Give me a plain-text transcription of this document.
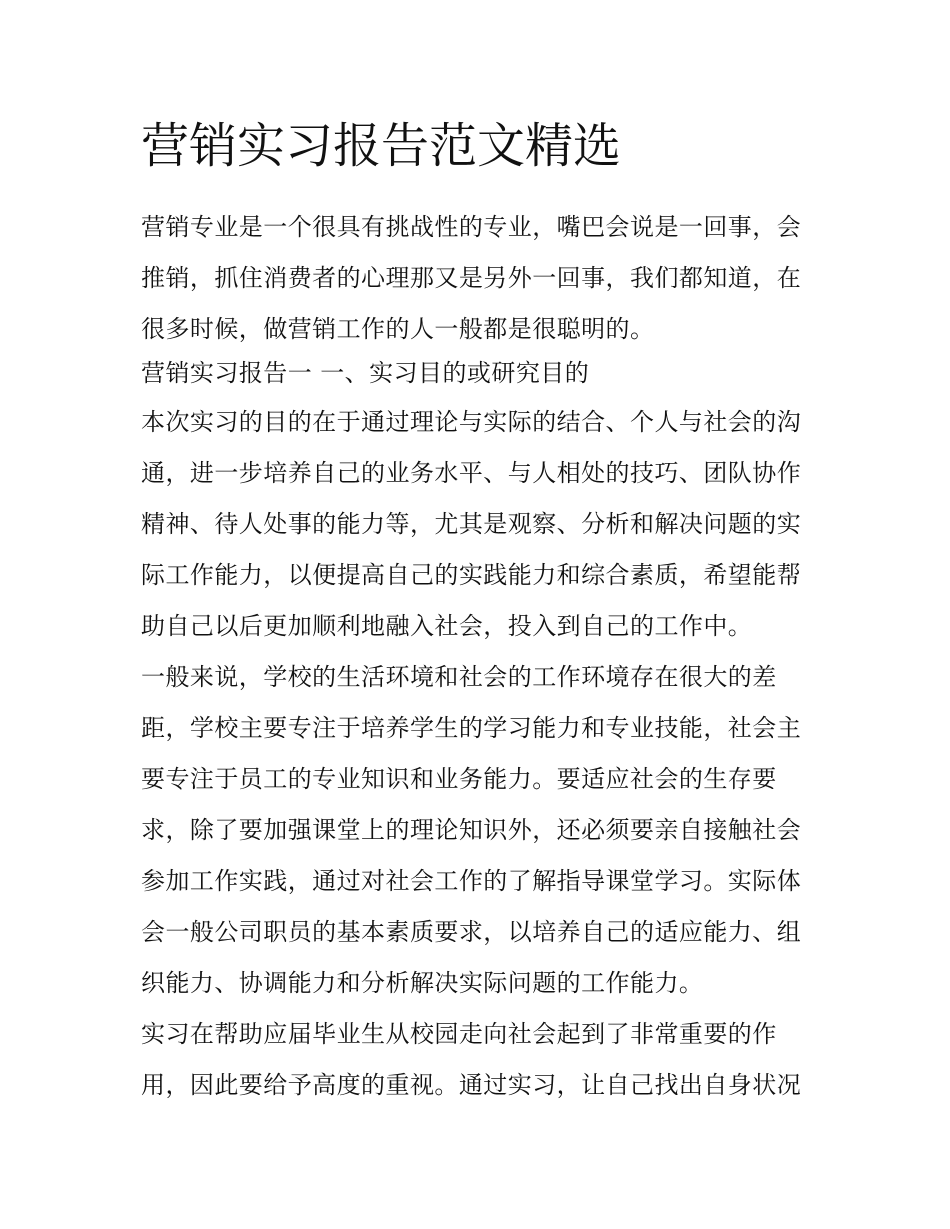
营销实习报告范文精选

营销专业是一个很具有挑战性的专业，嘴巴会说是一回事，会
推销，抓住消费者的心理那又是另外一回事，我们都知道，在
很多时候，做营销工作的人一般都是很聪明的。

营销实习报告一 一、实习目的或研究目的

本次实习的目的在于通过理论与实际的结合、个人与社会的沟
通，进一步培养自己的业务水平、与人相处的技巧、团队协作
精神、待人处事的能力等，尤其是观察、分析和解决问题的实
际工作能力，以便提高自己的实践能力和综合素质，希望能帮
助自己以后更加顺利地融入社会，投入到自己的工作中。

一般来说，学校的生活环境和社会的工作环境存在很大的差
距，学校主要专注于培养学生的学习能力和专业技能，社会主
要专注于员工的专业知识和业务能力。要适应社会的生存要
求，除了要加强课堂上的理论知识外，还必须要亲自接触社会
参加工作实践，通过对社会工作的了解指导课堂学习。实际体
会一般公司职员的基本素质要求，以培养自己的适应能力、组
织能力、协调能力和分析解决实际问题的工作能力。

实习在帮助应届毕业生从校园走向社会起到了非常重要的作
用，因此要给予高度的重视。通过实习，让自己找出自身状况
